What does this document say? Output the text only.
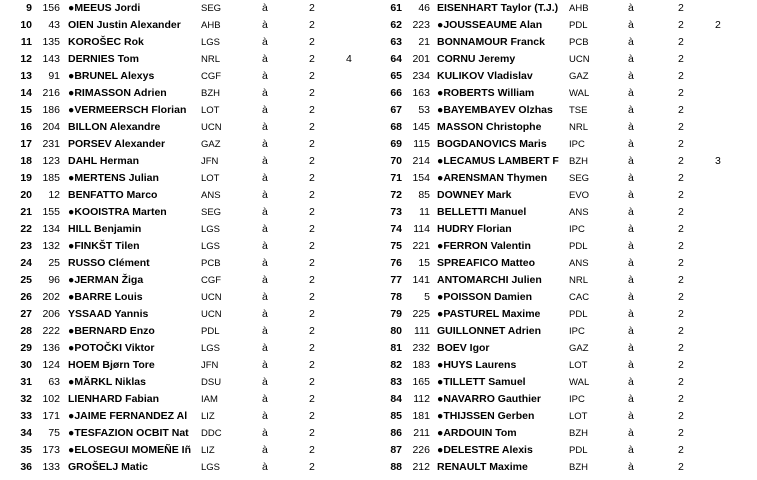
9 156 ●MEEUS Jordi	SEG	à	2
10	43 OIEN Justin Alexander	AHB	à	2
11 135 KOROŠEC Rok	LGS	à	2
12 143 DERNIES Tom	NRL	à	2	4
13	91 ●BRUNEL Alexys	CGF	à	2
14 216 ●RIMASSON Adrien	BZH	à	2
15 186 ●VERMEERSCH Florian	LOT	à	2
16 204 BILLON Alexandre	UCN	à	2
17 231 PORSEV Alexander	GAZ	à	2
18 123 DAHL Herman	JFN	à	2
19 185 ●MERTENS Julian	LOT	à	2
20	12 BENFATTO Marco	ANS	à	2
21 155 ●KOOISTRA Marten	SEG	à	2
22 134 HILL Benjamin	LGS	à	2
23 132 ●FINKŠT Tilen	LGS	à	2
24	25 RUSSO Clément	PCB	à	2
25	96 ●JERMAN Žiga	CGF	à	2
26 202 ●BARRE Louis	UCN	à	2
27 206 YSSAAD Yannis	UCN	à	2
28 222 ●BERNARD Enzo	PDL	à	2
29 136 ●POTOČKI Viktor	LGS	à	2
30 124 HOEM Bjørn Tore	JFN	à	2
31	63 ●MÄRKL Niklas	DSU	à	2
32 102 LIENHARD Fabian	IAM	à	2
33 171 ●JAIME FERNANDEZ Al	LIZ	à	2
34	75 ●TESFAZION OCBIT Nat	DDC	à	2
35 173 ●ELOSEGUI MOMEÑE Iñ LIZ	à	2
36 133 GROŠELJ Matic	LGS	à	2
61	46 EISENHART Taylor (T.J.)	AHB	à	2
62 223 ●JOUSSEAUME Alan	PDL	à	2	2
63	21 BONNAMOUR Franck	PCB	à	2
64 201 CORNU Jeremy	UCN	à	2
65 234 KULIKOV Vladislav	GAZ	à	2
66 163 ●ROBERTS William	WAL	à	2
67	53 ●BAYEMBAYEV Olzhas	TSE	à	2
68 145 MASSON Christophe	NRL	à	2
69	115 BOGDANOVICS Maris	IPC	à	2
70 214 ●LECAMUS LAMBERT F	BZH	à	2	3
71 154 ●ARENSMAN Thymen	SEG	à	2
72	85 DOWNEY Mark	EVO	à	2
73	11 BELLETTI Manuel	ANS	à	2
74	114 HUDRY Florian	IPC	à	2
75 221 ●FERRON Valentin	PDL	à	2
76	15 SPREAFICO Matteo	ANS	à	2
77 141 ANTOMARCHI Julien	NRL	à	2
78	5 ●POISSON Damien	CAC	à	2
79 225 ●PASTUREL Maxime	PDL	à	2
80	111 GUILLONNET Adrien	IPC	à	2
81 232 BOEV Igor	GAZ	à	2
82 183 ●HUYS Laurens	LOT	à	2
83 165 ●TILLETT Samuel	WAL	à	2
84	112 ●NAVARRO Gauthier	IPC	à	2
85 181 ●THIJSSEN Gerben	LOT	à	2
86	211 ●ARDOUIN Tom	BZH	à	2
87 226 ●DELESTRE Alexis	PDL	à	2
88 212 RENAULT Maxime	BZH	à	2
